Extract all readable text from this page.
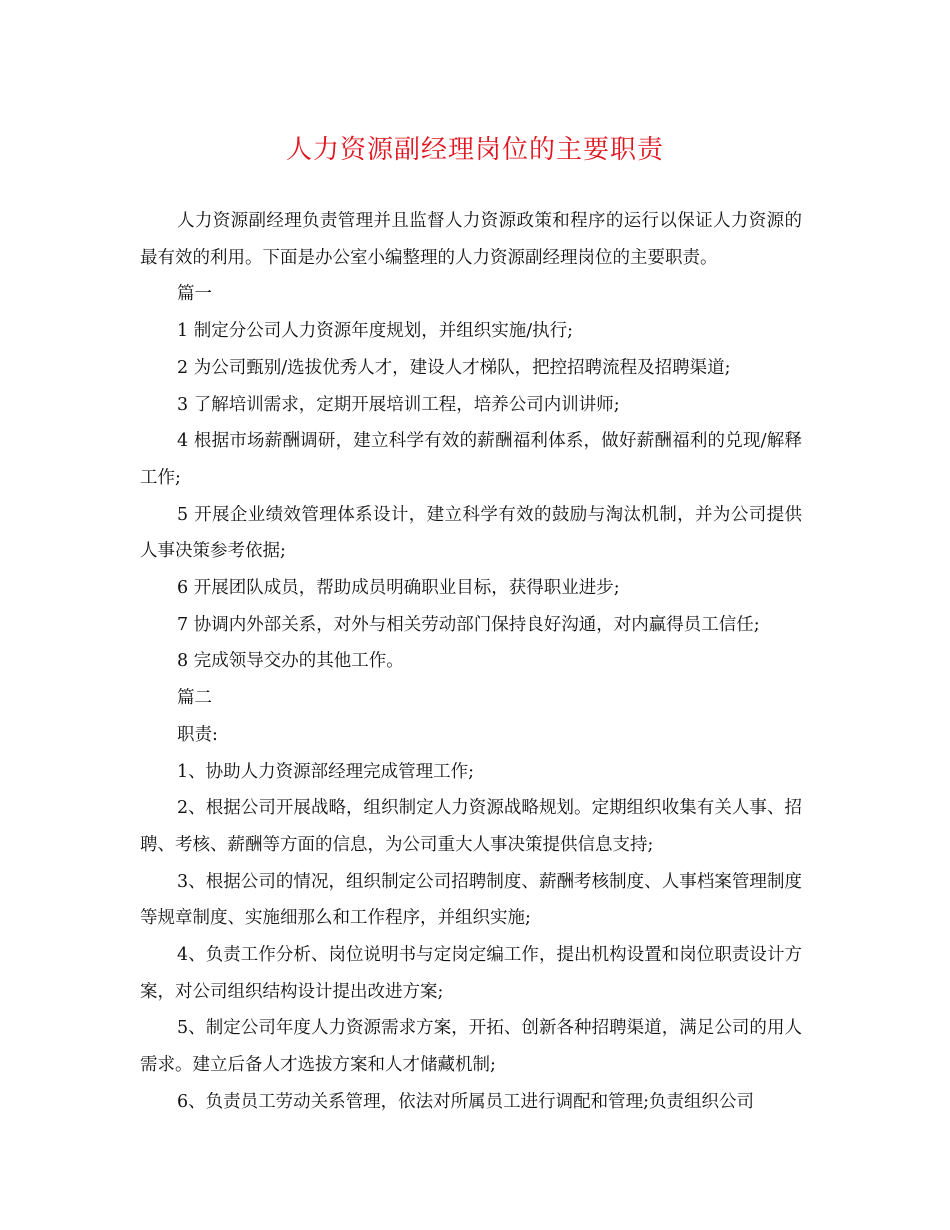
人力资源副经理岗位的主要职责

人力资源副经理负责管理并且监督人力资源政策和程序的运行以保证人力资源的最有效的利用。下面是办公室小编整理的人力资源副经理岗位的主要职责。

篇一

1 制定分公司人力资源年度规划，并组织实施/执行;

2 为公司甄别/选拔优秀人才，建设人才梯队，把控招聘流程及招聘渠道;

3 了解培训需求，定期开展培训工程，培养公司内训讲师;

4 根据市场薪酬调研，建立科学有效的薪酬福利体系，做好薪酬福利的兑现/解释工作;

5 开展企业绩效管理体系设计，建立科学有效的鼓励与淘汰机制，并为公司提供人事决策参考依据;

6 开展团队成员，帮助成员明确职业目标，获得职业进步;

7 协调内外部关系，对外与相关劳动部门保持良好沟通，对内赢得员工信任;

8 完成领导交办的其他工作。

篇二

职责:

1、协助人力资源部经理完成管理工作;

2、根据公司开展战略，组织制定人力资源战略规划。定期组织收集有关人事、招聘、考核、薪酬等方面的信息，为公司重大人事决策提供信息支持;

3、根据公司的情况，组织制定公司招聘制度、薪酬考核制度、人事档案管理制度等规章制度、实施细那么和工作程序，并组织实施;

4、负责工作分析、岗位说明书与定岗定编工作，提出机构设置和岗位职责设计方案，对公司组织结构设计提出改进方案;

5、制定公司年度人力资源需求方案，开拓、创新各种招聘渠道，满足公司的用人需求。建立后备人才选拔方案和人才储藏机制;

6、负责员工劳动关系管理，依法对所属员工进行调配和管理;负责组织公司
